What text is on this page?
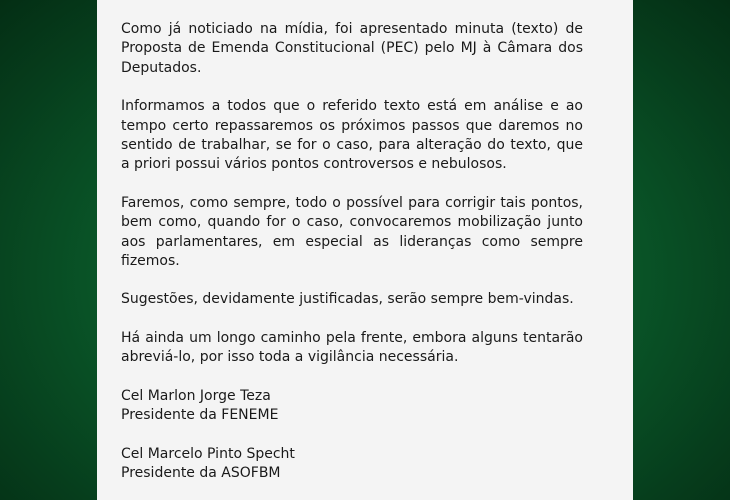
Como já noticiado na mídia, foi apresentado minuta (texto) de Proposta de Emenda Constitucional (PEC) pelo MJ à Câmara dos Deputados.

Informamos a todos que o referido texto está em análise e ao tempo certo repassaremos os próximos passos que daremos no sentido de trabalhar, se for o caso, para alteração do texto, que a priori possui vários pontos controversos e nebulosos.

Faremos, como sempre, todo o possível para corrigir tais pontos, bem como, quando for o caso, convocaremos mobilização junto aos parlamentares, em especial as lideranças como sempre fizemos.

Sugestões, devidamente justificadas, serão sempre bem-vindas.

Há ainda um longo caminho pela frente, embora alguns tentarão abreviá-lo, por isso toda a vigilância necessária.

Cel Marlon Jorge Teza
Presidente da FENEME
Cel Marcelo Pinto Specht
Presidente da ASOFBM
